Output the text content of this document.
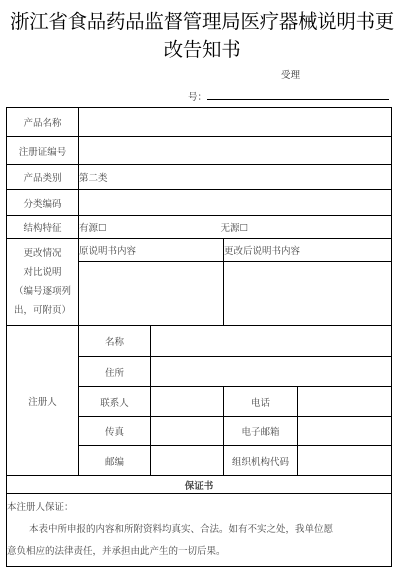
浙江省食品药品监督管理局医疗器械说明书更改告知书
受理
号：
产品名称				
注册证编号				
产品类别	第二类			
分类编码				
结构特征	有源☐ 无源☐			

更改情况
对比说明
（编号逐项列
出，可附页）	原说明书内容		更改后说明书内容	

注册人	名称			
	住所			
	联系人		电话	
	传真		电子邮箱	
	邮编		组织机构代码	
保证书				

本注册人保证：
本表中所申报的内容和所附资料均真实、合法。如有不实之处，我单位愿
意负相应的法律责任，并承担由此产生的一切后果。				
